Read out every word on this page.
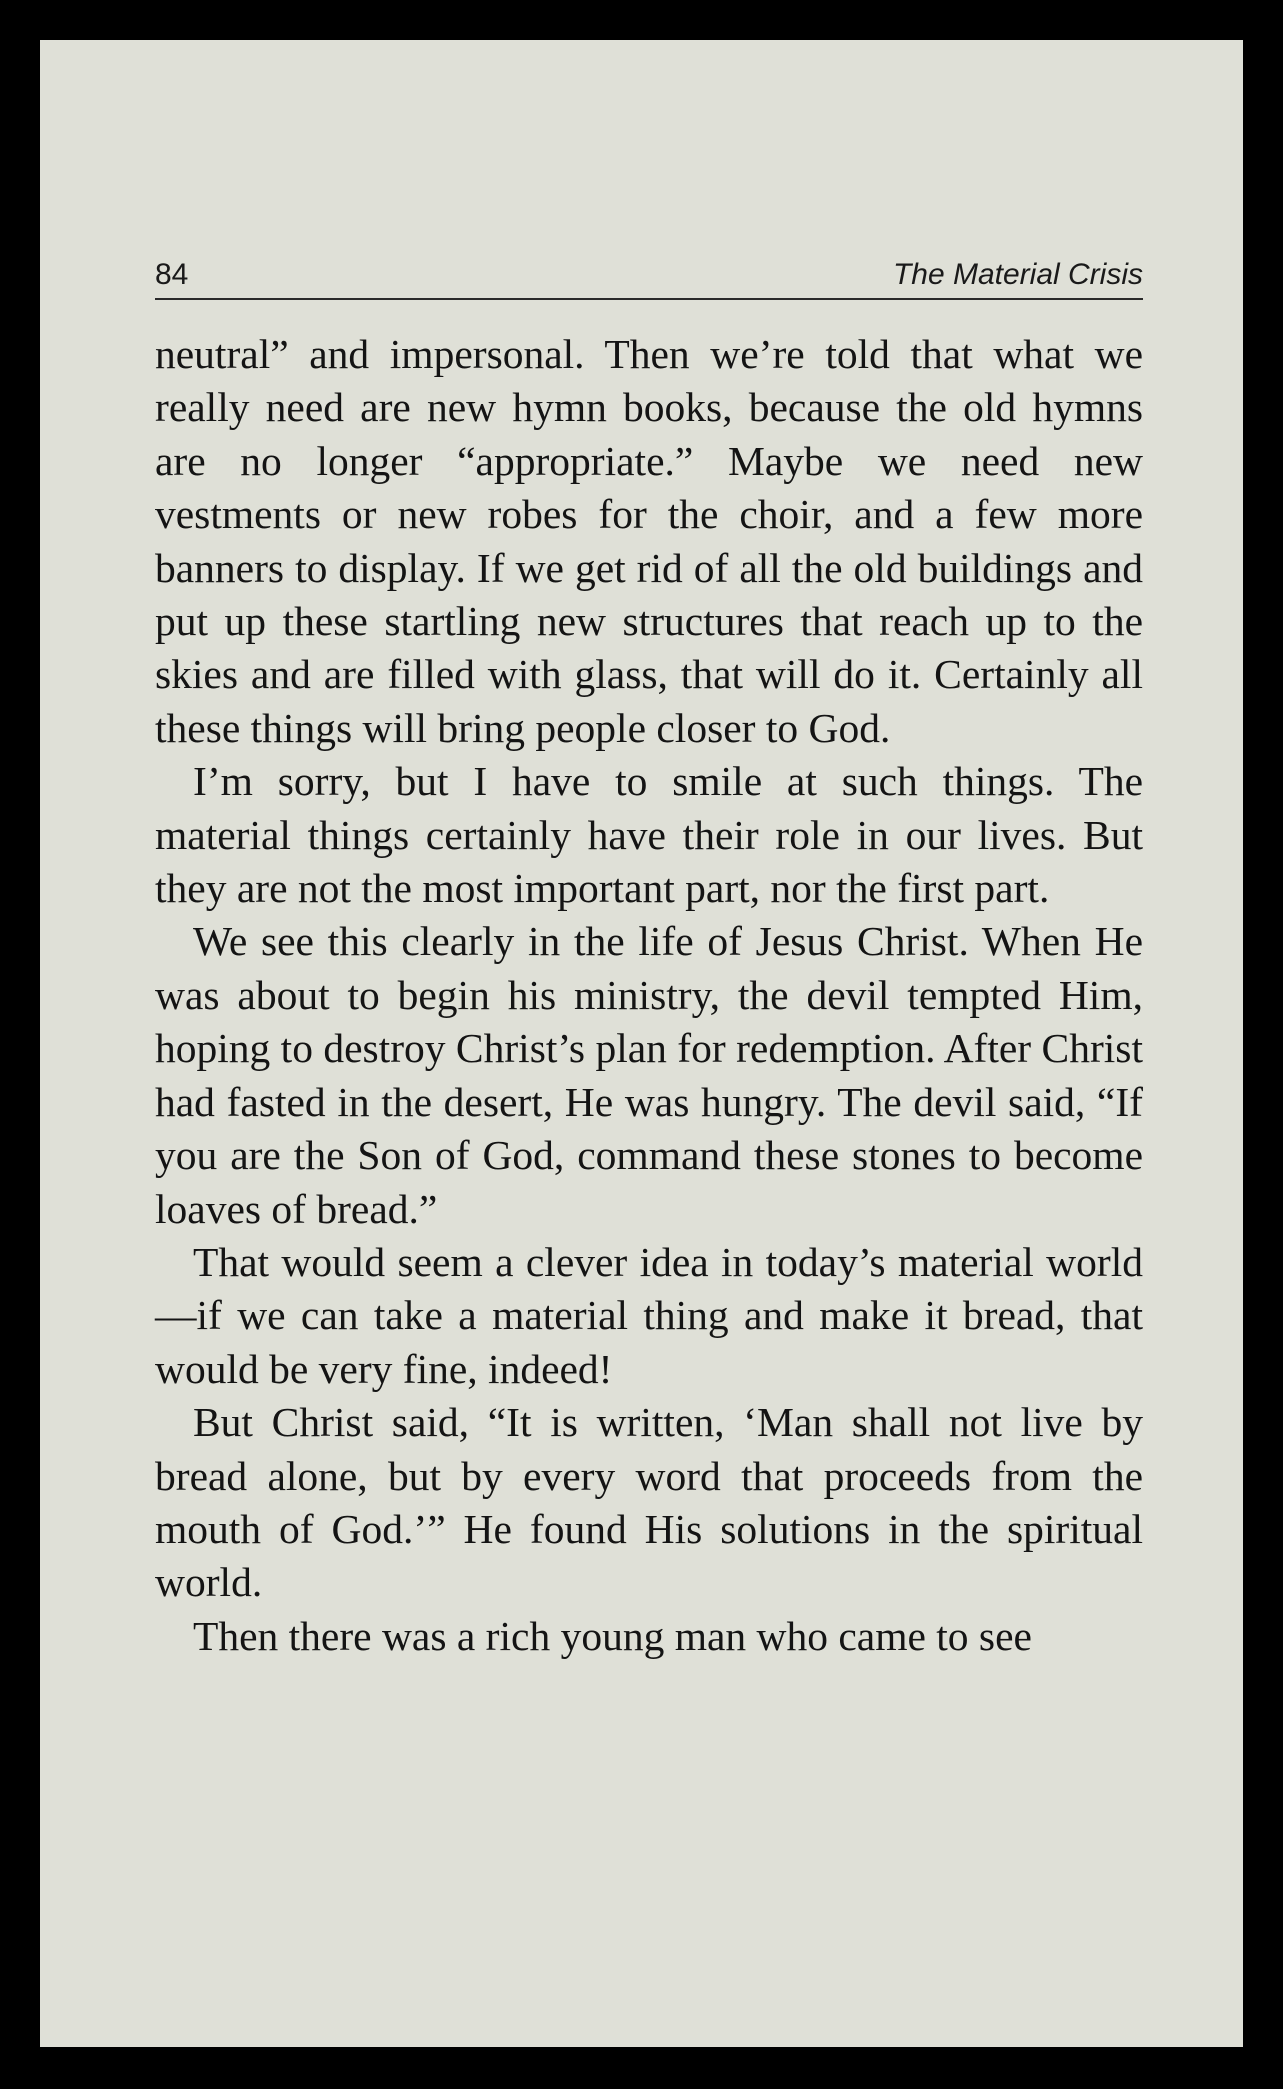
84	The Material Crisis

neutral” and impersonal. Then we’re told that what we really need are new hymn books, because the old hymns are no longer “appropriate.” Maybe we need new vestments or new robes for the choir, and a few more banners to display. If we get rid of all the old buildings and put up these startling new structures that reach up to the skies and are filled with glass, that will do it. Certainly all these things will bring people closer to God.

I’m sorry, but I have to smile at such things. The material things certainly have their role in our lives. But they are not the most important part, nor the first part.

We see this clearly in the life of Jesus Christ. When He was about to begin his ministry, the devil tempted Him, hoping to destroy Christ’s plan for redemption. After Christ had fasted in the desert, He was hungry. The devil said, “If you are the Son of God, command these stones to become loaves of bread.”

That would seem a clever idea in today’s material world—if we can take a material thing and make it bread, that would be very fine, indeed!

But Christ said, “It is written, ‘Man shall not live by bread alone, but by every word that proceeds from the mouth of God.’” He found His solutions in the spiritual world.

Then there was a rich young man who came to see
